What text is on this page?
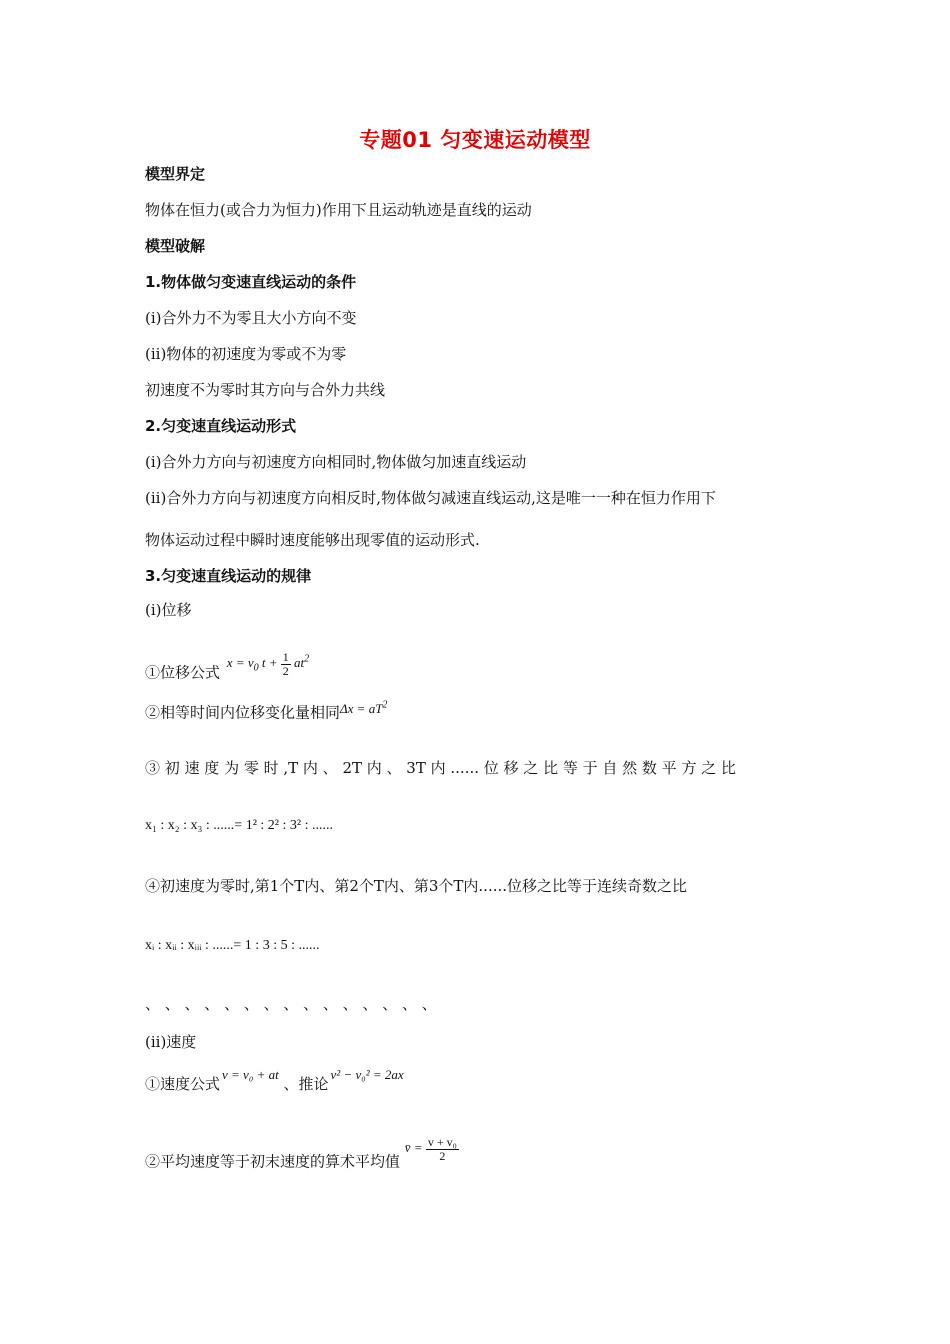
专题01 匀变速运动模型
模型界定
物体在恒力(或合力为恒力)作用下且运动轨迹是直线的运动
模型破解
1.物体做匀变速直线运动的条件
(i)合外力不为零且大小方向不变
(ii)物体的初速度为零或不为零
初速度不为零时其方向与合外力共线
2.匀变速直线运动形式
(i)合外力方向与初速度方向相同时,物体做匀加速直线运动
(ii)合外力方向与初速度方向相反时,物体做匀减速直线运动,这是唯一一种在恒力作用下
物体运动过程中瞬时速度能够出现零值的运动形式.
3.匀变速直线运动的规律
(i)位移
①位移公式 $x = v_0$ $t + \frac{1}{2} at^2$
②相等时间内位移变化量相同$\Delta x = aT^2$
③ 初 速 度 为 零 时 ,T 内 、 2T 内 、 3T 内 ...... 位 移 之 比 等 于 自 然 数 平 方 之 比
x₁ : x₂ : x₃ : ......= 1² : 2² : 3² : ......
④初速度为零时,第1个T内、第2个T内、第3个T内......位移之比等于连续奇数之比
xᵢ : xᵢᵢ : xᵢᵢᵢ : ......= 1 : 3 : 5 : ......
、 、 、 、 、 、 、 、 、 、 、 、 、 、 、
(ii)速度
①速度公式v = v₀ + at 、推论v² − v₀² = 2ax
②平均速度等于初末速度的算术平均值 v̄ = $\frac{\text{v + v₀}}{2}$
